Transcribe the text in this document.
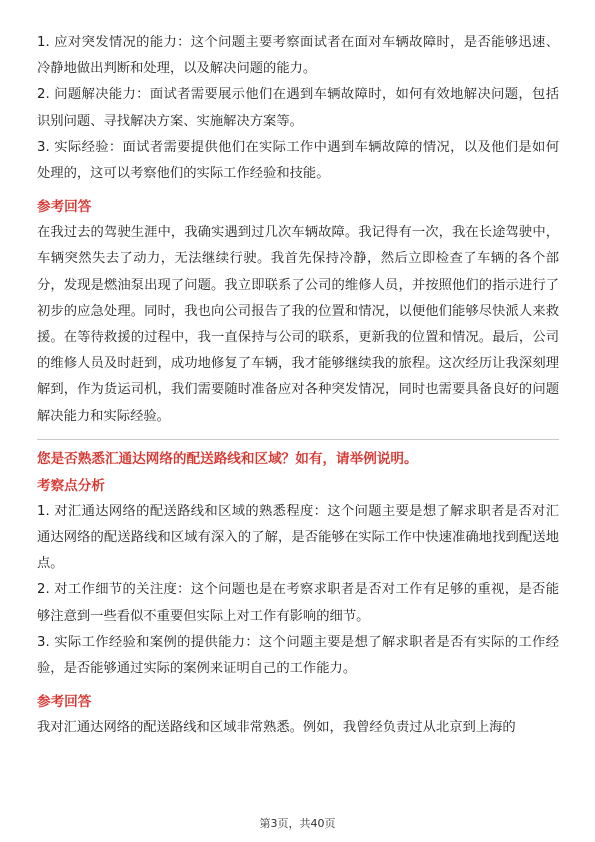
1. 应对突发情况的能力：这个问题主要考察面试者在面对车辆故障时，是否能够迅速、冷静地做出判断和处理，以及解决问题的能力。

2. 问题解决能力：面试者需要展示他们在遇到车辆故障时，如何有效地解决问题，包括识别问题、寻找解决方案、实施解决方案等。

3. 实际经验：面试者需要提供他们在实际工作中遇到车辆故障的情况，以及他们是如何处理的，这可以考察他们的实际工作经验和技能。

参考回答

在我过去的驾驶生涯中，我确实遇到过几次车辆故障。我记得有一次，我在长途驾驶中，车辆突然失去了动力，无法继续行驶。我首先保持冷静，然后立即检查了车辆的各个部分，发现是燃油泵出现了问题。我立即联系了公司的维修人员，并按照他们的指示进行了初步的应急处理。同时，我也向公司报告了我的位置和情况，以便他们能够尽快派人来救援。在等待救援的过程中，我一直保持与公司的联系，更新我的位置和情况。最后，公司的维修人员及时赶到，成功地修复了车辆，我才能够继续我的旅程。这次经历让我深刻理解到，作为货运司机，我们需要随时准备应对各种突发情况，同时也需要具备良好的问题解决能力和实际经验。

您是否熟悉汇通达网络的配送路线和区域？如有，请举例说明。
考察点分析

1. 对汇通达网络的配送路线和区域的熟悉程度：这个问题主要是想了解求职者是否对汇通达网络的配送路线和区域有深入的了解，是否能够在实际工作中快速准确地找到配送地点。

2. 对工作细节的关注度：这个问题也是在考察求职者是否对工作有足够的重视，是否能够注意到一些看似不重要但实际上对工作有影响的细节。

3. 实际工作经验和案例的提供能力：这个问题主要是想了解求职者是否有实际的工作经验，是否能够通过实际的案例来证明自己的工作能力。

参考回答

我对汇通达网络的配送路线和区域非常熟悉。例如，我曾经负责过从北京到上海的

第3页，共40页
